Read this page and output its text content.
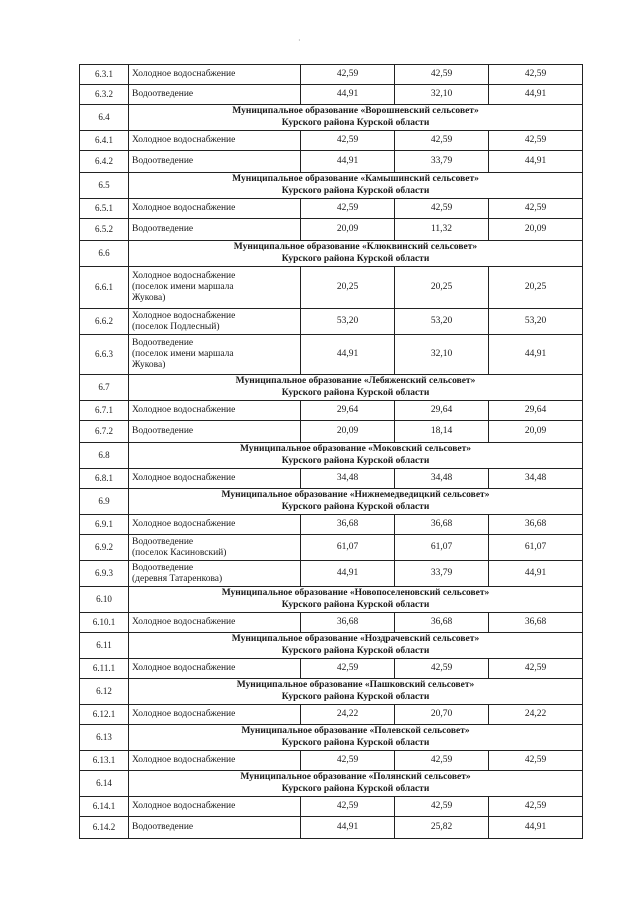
·
6.3.1	Холодное водоснабжение	42,59	42,59	42,59
6.3.2	Водоотведение	44,91	32,10	44,91
6.4	Муниципальное образование «Ворошневский сельсовет»
Курского района Курской области			

6.4.1	Холодное водоснабжение	42,59	42,59	42,59
6.4.2	Водоотведение	44,91	33,79	44,91
6.5	Муниципальное образование «Камышинский сельсовет»
Курского района Курской области			

6.5.1	Холодное водоснабжение	42,59	42,59	42,59
6.5.2	Водоотведение	20,09	11,32	20,09
6.6	Муниципальное образование «Клюквинский сельсовет»
Курского района Курской области			

6.6.1	Холодное водоснабжение
(поселок имени маршала
Жукова)	20,25	20,25	20,25
6.6.2	Холодное водоснабжение
(поселок Подлесный)	53,20	53,20	53,20
6.6.3	Водоотведение
(поселок имени маршала
Жукова)	44,91	32,10	44,91
6.7	Муниципальное образование «Лебяженский сельсовет»
Курского района Курской области			

6.7.1	Холодное водоснабжение	29,64	29,64	29,64
6.7.2	Водоотведение	20,09	18,14	20,09
6.8	Муниципальное образование «Моковский сельсовет»
Курского района Курской области			

6.8.1	Холодное водоснабжение	34,48	34,48	34,48
6.9	Муниципальное образование «Нижнемедведицкий сельсовет»
Курского района Курской области			

6.9.1	Холодное водоснабжение	36,68	36,68	36,68
6.9.2	Водоотведение
(поселок Касиновский)	61,07	61,07	61,07
6.9.3	Водоотведение
(деревня Татаренкова)	44,91	33,79	44,91
6.10	Муниципальное образование «Новопоселеновский сельсовет»
Курского района Курской области			

6.10.1	Холодное водоснабжение	36,68	36,68	36,68
6.11	Муниципальное образование «Ноздрачевский сельсовет»
Курского района Курской области			

6.11.1	Холодное водоснабжение	42,59	42,59	42,59
6.12	Муниципальное образование «Пашковский сельсовет»
Курского района Курской области			

6.12.1	Холодное водоснабжение	24,22	20,70	24,22
6.13	Муниципальное образование «Полевской сельсовет»
Курского района Курской области			

6.13.1	Холодное водоснабжение	42,59	42,59	42,59
6.14	Муниципальное образование «Полянский сельсовет»
Курского района Курской области			

6.14.1	Холодное водоснабжение	42,59	42,59	42,59
6.14.2	Водоотведение	44,91	25,82	44,91
